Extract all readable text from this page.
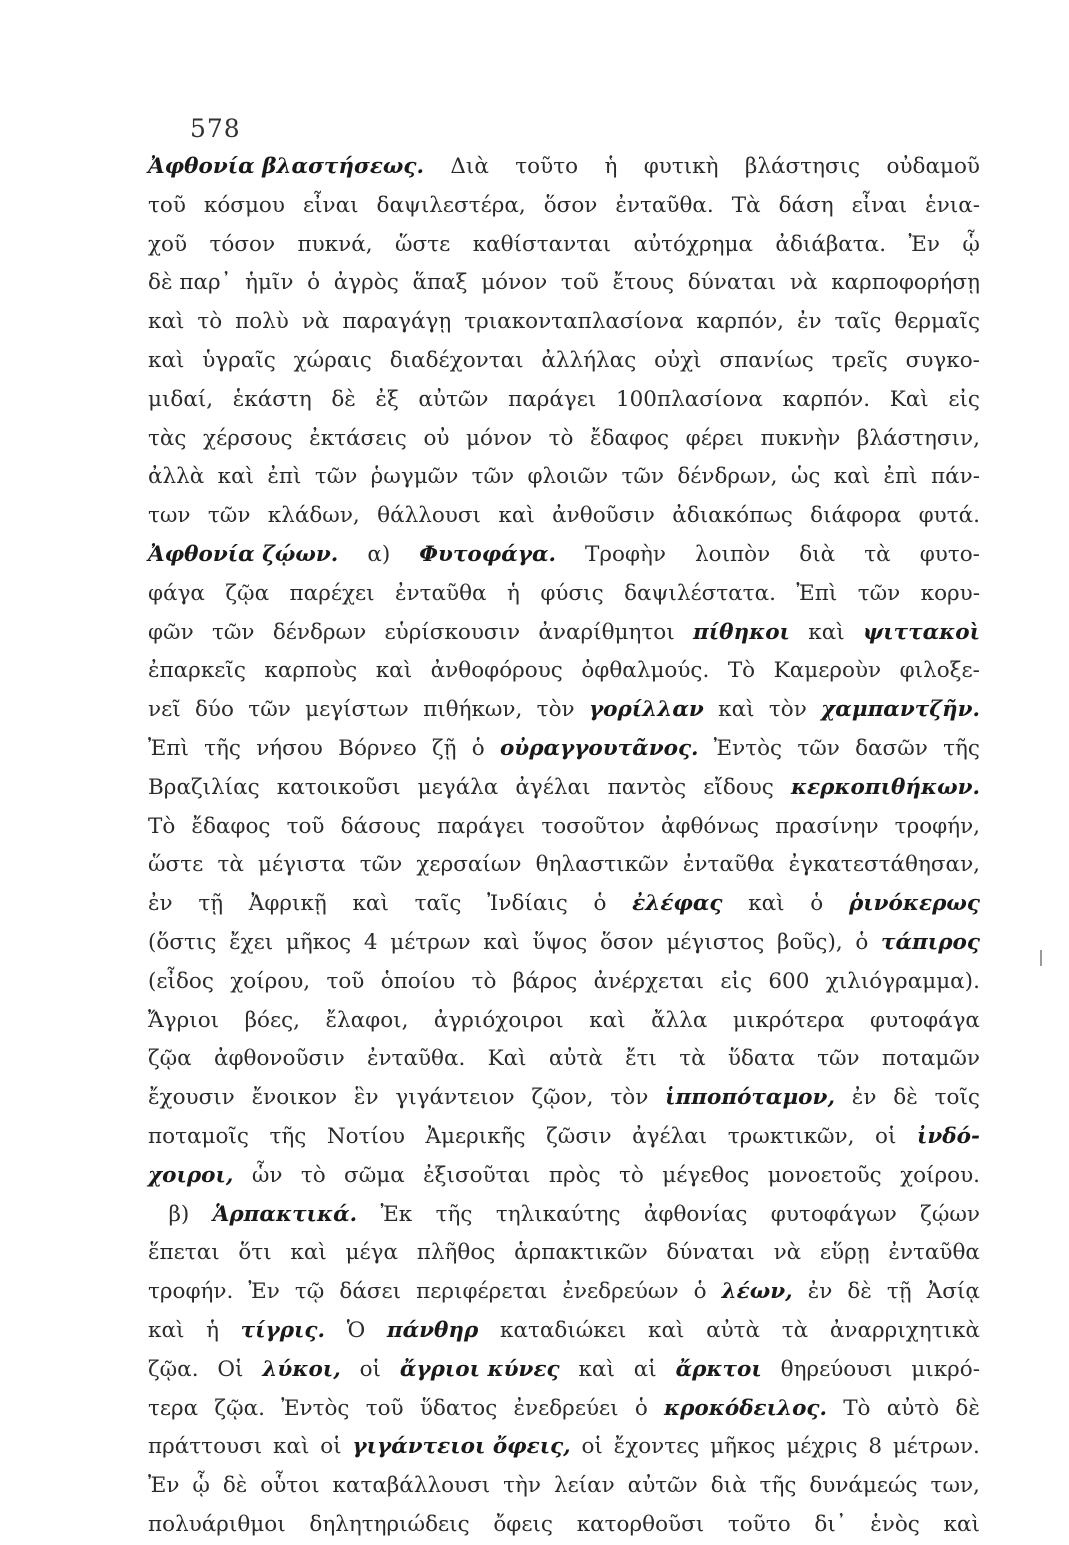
578
Ἀφθονία βλαστήσεως. Διὰ τοῦτο ἡ φυτικὴ βλάστησις οὐδαμοῦ
τοῦ κόσμου εἶναι δαψιλεστέρα, ὅσον ἐνταῦθα. Τὰ δάση εἶναι ἑνια-
χοῦ τόσον πυκνά, ὥστε καθίστανται αὐτόχρημα ἀδιάβατα. Ἐν ᾧ
δὲ παρ᾽ ἡμῖν ὁ ἀγρὸς ἅπαξ μόνον τοῦ ἔτους δύναται νὰ καρποφορήσῃ
καὶ τὸ πολὺ νὰ παραγάγῃ τριακονταπλασίονα καρπόν, ἐν ταῖς θερμαῖς
καὶ ὑγραῖς χώραις διαδέχονται ἀλλήλας οὐχὶ σπανίως τρεῖς συγκο-
μιδαί, ἑκάστη δὲ ἐξ αὐτῶν παράγει 100πλασίονα καρπόν. Καὶ εἰς
τὰς χέρσους ἐκτάσεις οὐ μόνον τὸ ἔδαφος φέρει πυκνὴν βλάστησιν,
ἀλλὰ καὶ ἐπὶ τῶν ῥωγμῶν τῶν φλοιῶν τῶν δένδρων, ὡς καὶ ἐπὶ πάν-
των τῶν κλάδων, θάλλουσι καὶ ἀνθοῦσιν ἀδιακόπως διάφορα φυτά.
Ἀφθονία ζῴων. α) Φυτοφάγα. Τροφὴν λοιπὸν διὰ τὰ φυτο-
φάγα ζῷα παρέχει ἐνταῦθα ἡ φύσις δαψιλέστατα. Ἐπὶ τῶν κορυ-
φῶν τῶν δένδρων εὑρίσκουσιν ἀναρίθμητοι πίθηκοι καὶ ψιττακοὶ
ἐπαρκεῖς καρποὺς καὶ ἀνθοφόρους ὀφθαλμούς. Τὸ Καμεροὺν φιλοξε-
νεῖ δύο τῶν μεγίστων πιθήκων, τὸν γορίλλαν καὶ τὸν χαμπαντζῆν.
Ἐπὶ τῆς νήσου Βόρνεο ζῇ ὁ οὐραγγουτᾶνος. Ἐντὸς τῶν δασῶν τῆς
Βραζιλίας κατοικοῦσι μεγάλα ἀγέλαι παντὸς εἴδους κερκοπιθήκων.
Τὸ ἔδαφος τοῦ δάσους παράγει τοσοῦτον ἀφθόνως πρασίνην τροφήν,
ὥστε τὰ μέγιστα τῶν χερσαίων θηλαστικῶν ἐνταῦθα ἐγκατεστάθησαν,
ἐν τῇ Ἀφρικῇ καὶ ταῖς Ἰνδίαις ὁ ἐλέφας καὶ ὁ ῥινόκερως
(ὅστις ἔχει μῆκος 4 μέτρων καὶ ὕψος ὅσον μέγιστος βοῦς), ὁ τάπιρος
(εἶδος χοίρου, τοῦ ὁποίου τὸ βάρος ἀνέρχεται εἰς 600 χιλιόγραμμα).
Ἄγριοι βόες, ἔλαφοι, ἀγριόχοιροι καὶ ἄλλα μικρότερα φυτοφάγα
ζῷα ἀφθονοῦσιν ἐνταῦθα. Καὶ αὐτὰ ἔτι τὰ ὕδατα τῶν ποταμῶν
ἔχουσιν ἔνοικον ἓν γιγάντειον ζῷον, τὸν ἱπποπόταμον, ἐν δὲ τοῖς
ποταμοῖς τῆς Νοτίου Ἀμερικῆς ζῶσιν ἀγέλαι τρωκτικῶν, οἱ ἰνδό-
χοιροι, ὧν τὸ σῶμα ἐξισοῦται πρὸς τὸ μέγεθος μονοετοῦς χοίρου.
β) Ἁρπακτικά. Ἐκ τῆς τηλικαύτης ἀφθονίας φυτοφάγων ζῴων
ἕπεται ὅτι καὶ μέγα πλῆθος ἁρπακτικῶν δύναται νὰ εὕρῃ ἐνταῦθα
τροφήν. Ἐν τῷ δάσει περιφέρεται ἐνεδρεύων ὁ λέων, ἐν δὲ τῇ Ἀσίᾳ
καὶ ἡ τίγρις. Ὁ πάνθηρ καταδιώκει καὶ αὐτὰ τὰ ἀναρριχητικὰ
ζῷα. Οἱ λύκοι, οἱ ἄγριοι κύνες καὶ αἱ ἄρκτοι θηρεύουσι μικρό-
τερα ζῷα. Ἐντὸς τοῦ ὕδατος ἐνεδρεύει ὁ κροκόδειλος. Τὸ αὐτὸ δὲ
πράττουσι καὶ οἱ γιγάντειοι ὄφεις, οἱ ἔχοντες μῆκος μέχρις 8 μέτρων.
Ἐν ᾧ δὲ οὗτοι καταβάλλουσι τὴν λείαν αὐτῶν διὰ τῆς δυνάμεώς των,
πολυάριθμοι δηλητηριώδεις ὄφεις κατορθοῦσι τοῦτο δι᾽ ἑνὸς καὶ
